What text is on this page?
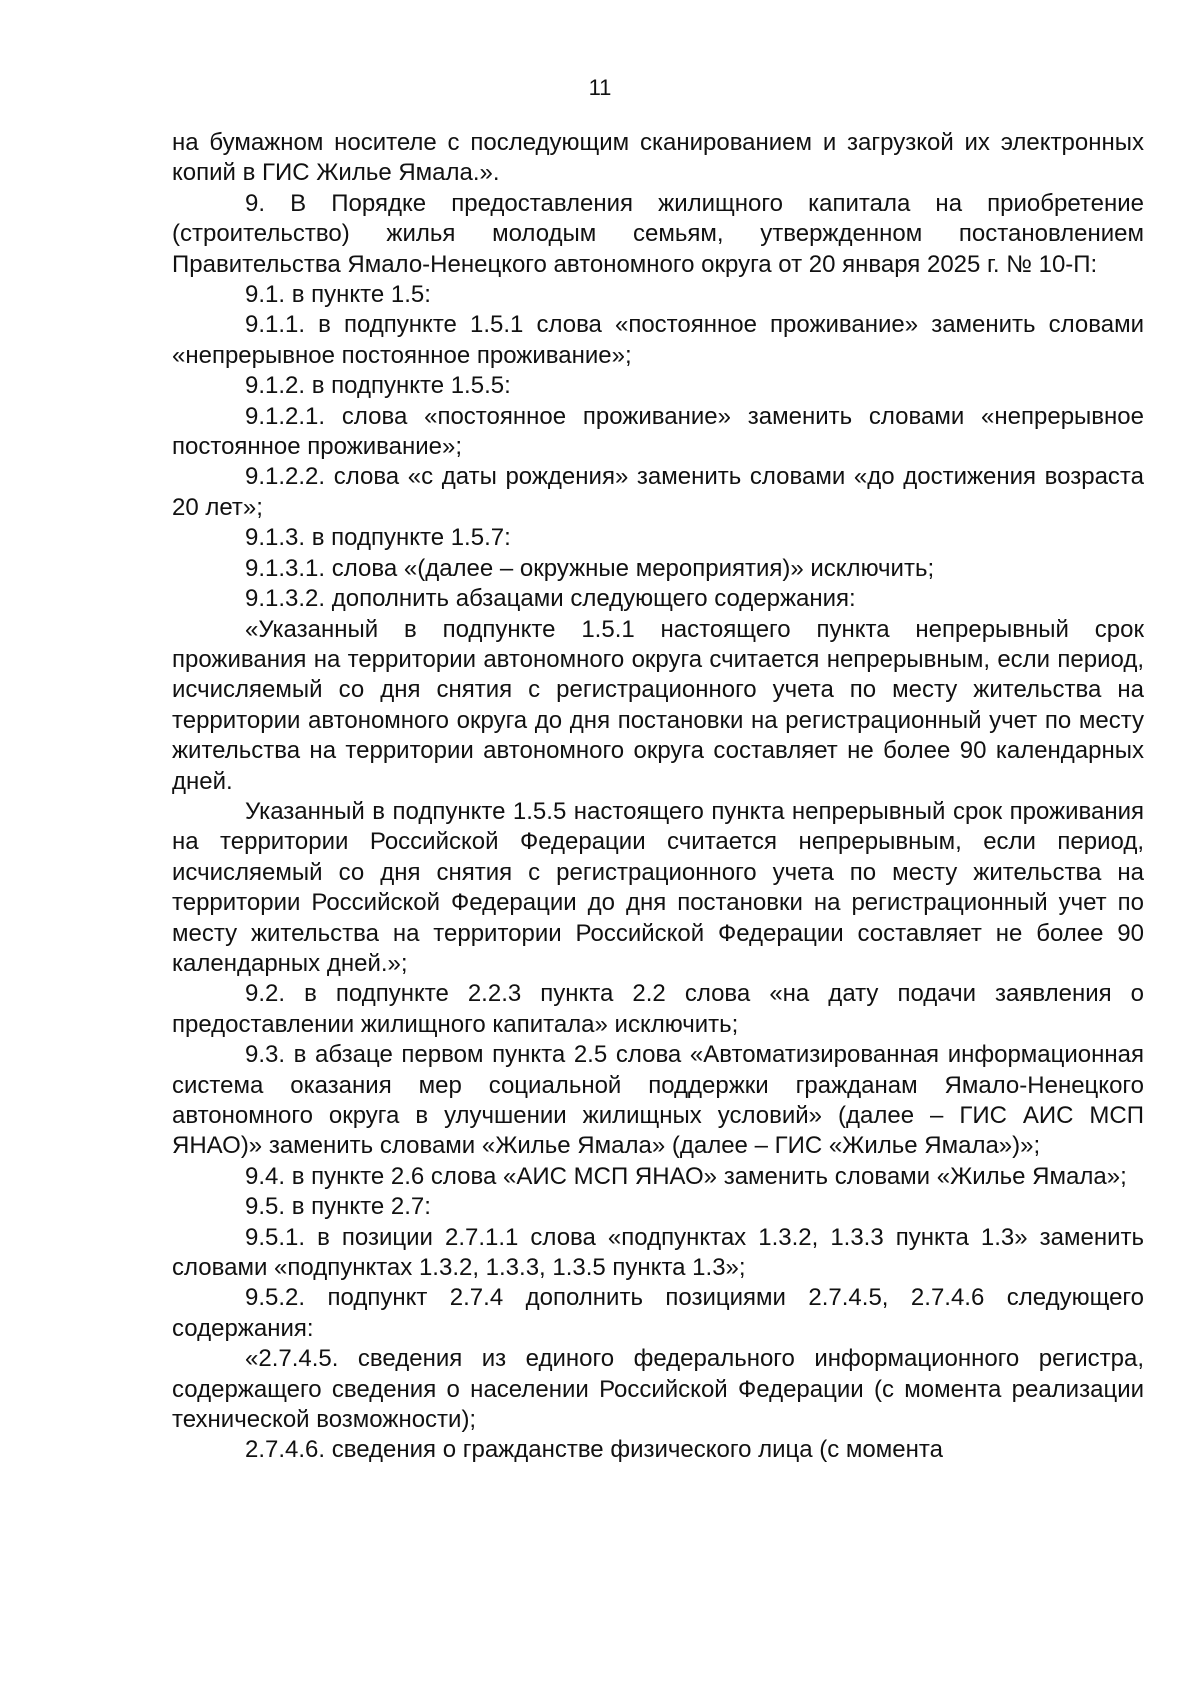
11

на бумажном носителе с последующим сканированием и загрузкой их электронных копий в ГИС Жилье Ямала.».

9. В Порядке предоставления жилищного капитала на приобретение (строительство) жилья молодым семьям, утвержденном постановлением Правительства Ямало-Ненецкого автономного округа от 20 января 2025 г. № 10-П:

9.1. в пункте 1.5:

9.1.1. в подпункте 1.5.1 слова «постоянное проживание» заменить словами «непрерывное постоянное проживание»;

9.1.2. в подпункте 1.5.5:

9.1.2.1. слова «постоянное проживание» заменить словами «непрерывное постоянное проживание»;

9.1.2.2. слова «с даты рождения» заменить словами «до достижения возраста 20 лет»;

9.1.3. в подпункте 1.5.7:

9.1.3.1. слова «(далее – окружные мероприятия)» исключить;

9.1.3.2. дополнить абзацами следующего содержания:

«Указанный в подпункте 1.5.1 настоящего пункта непрерывный срок проживания на территории автономного округа считается непрерывным, если период, исчисляемый со дня снятия с регистрационного учета по месту жительства на территории автономного округа до дня постановки на регистрационный учет по месту жительства на территории автономного округа составляет не более 90 календарных дней.

Указанный в подпункте 1.5.5 настоящего пункта непрерывный срок проживания на территории Российской Федерации считается непрерывным, если период, исчисляемый со дня снятия с регистрационного учета по месту жительства на территории Российской Федерации до дня постановки на регистрационный учет по месту жительства на территории Российской Федерации составляет не более 90 календарных дней.»;

9.2. в подпункте 2.2.3 пункта 2.2 слова «на дату подачи заявления о предоставлении жилищного капитала» исключить;

9.3. в абзаце первом пункта 2.5 слова «Автоматизированная информационная система оказания мер социальной поддержки гражданам Ямало-Ненецкого автономного округа в улучшении жилищных условий» (далее – ГИС АИС МСП ЯНАО)» заменить словами «Жилье Ямала» (далее – ГИС «Жилье Ямала»)»;

9.4. в пункте 2.6 слова «АИС МСП ЯНАО» заменить словами «Жилье Ямала»;

9.5. в пункте 2.7:

9.5.1. в позиции 2.7.1.1 слова «подпунктах 1.3.2, 1.3.3 пункта 1.3» заменить словами «подпунктах 1.3.2, 1.3.3, 1.3.5 пункта 1.3»;

9.5.2. подпункт 2.7.4 дополнить позициями 2.7.4.5, 2.7.4.6 следующего содержания:

«2.7.4.5. сведения из единого федерального информационного регистра, содержащего сведения о населении Российской Федерации (с момента реализации технической возможности);

2.7.4.6. сведения о гражданстве физического лица (с момента
